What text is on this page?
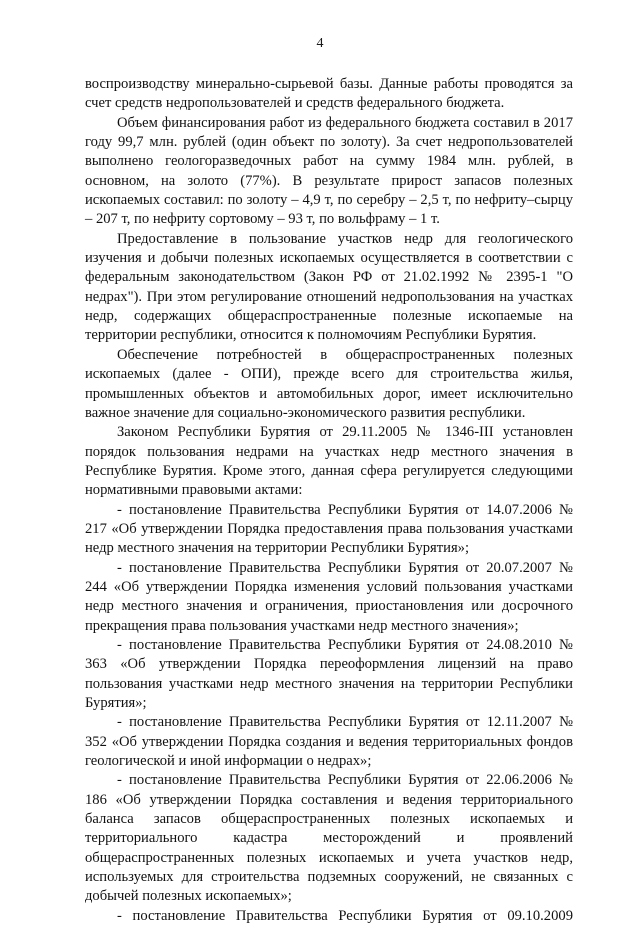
4

воспроизводству минерально-сырьевой базы. Данные работы проводятся за счет средств недропользователей и средств федерального бюджета.

Объем финансирования работ из федерального бюджета составил в 2017 году 99,7 млн. рублей (один объект по золоту). За счет недропользователей выполнено геологоразведочных работ на сумму 1984 млн. рублей, в основном, на золото (77%). В результате прирост запасов полезных ископаемых составил: по золоту – 4,9 т, по серебру – 2,5 т, по нефриту–сырцу – 207 т, по нефриту сортовому – 93 т, по вольфраму – 1 т.

Предоставление в пользование участков недр для геологического изучения и добычи полезных ископаемых осуществляется в соответствии с федеральным законодательством (Закон РФ от 21.02.1992 № 2395-1 "О недрах"). При этом регулирование отношений недропользования на участках недр, содержащих общераспространенные полезные ископаемые на территории республики, относится к полномочиям Республики Бурятия.

Обеспечение потребностей в общераспространенных полезных ископаемых (далее - ОПИ), прежде всего для строительства жилья, промышленных объектов и автомобильных дорог, имеет исключительно важное значение для социально-экономического развития республики.

Законом Республики Бурятия от 29.11.2005 № 1346-III установлен порядок пользования недрами на участках недр местного значения в Республике Бурятия. Кроме этого, данная сфера регулируется следующими нормативными правовыми актами:

- постановление Правительства Республики Бурятия от 14.07.2006 № 217 «Об утверждении Порядка предоставления права пользования участками недр местного значения на территории Республики Бурятия»;

- постановление Правительства Республики Бурятия от 20.07.2007 № 244 «Об утверждении Порядка изменения условий пользования участками недр местного значения и ограничения, приостановления или досрочного прекращения права пользования участками недр местного значения»;

- постановление Правительства Республики Бурятия от 24.08.2010 № 363 «Об утверждении Порядка переоформления лицензий на право пользования участками недр местного значения на территории Республики Бурятия»;

- постановление Правительства Республики Бурятия от 12.11.2007 № 352 «Об утверждении Порядка создания и ведения территориальных фондов геологической и иной информации о недрах»;

- постановление Правительства Республики Бурятия от 22.06.2006 № 186 «Об утверждении Порядка составления и ведения территориального баланса запасов общераспространенных полезных ископаемых и территориального кадастра месторождений и проявлений общераспространенных полезных ископаемых и учета участков недр, используемых для строительства подземных сооружений, не связанных с добычей полезных ископаемых»;

- постановление Правительства Республики Бурятия от 09.10.2009
